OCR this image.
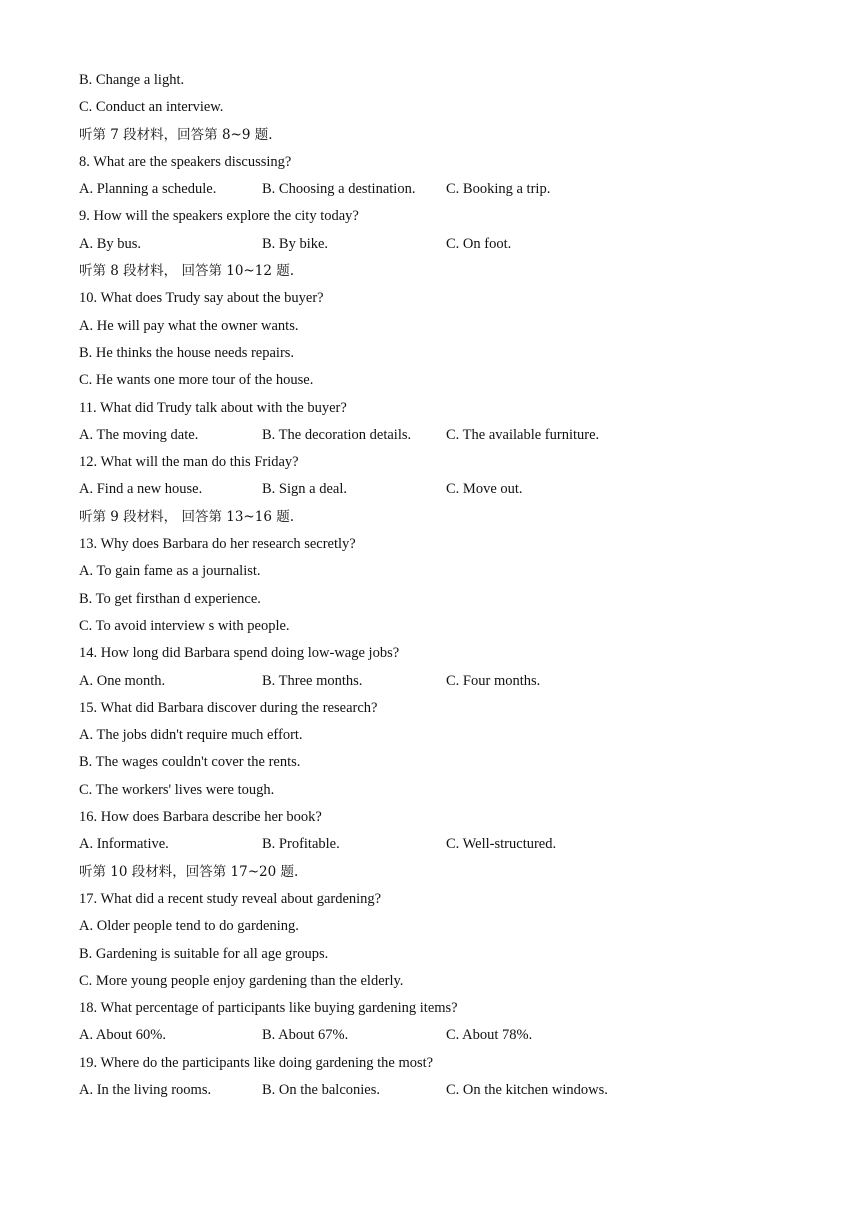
B. Change a light.
C. Conduct an interview.
听第 7 段材料，回答第 8~9 题.
8. What are the speakers discussing?
A. Planning a schedule.	B. Choosing a destination. C. Booking a trip.
9. How will the speakers explore the city today?
A. By bus.	B. By bike.	C. On foot.
听第 8 段材料， 回答第 10~12 题.
10. What does Trudy say about the buyer?
A. He will pay what the owner wants.
B. He thinks the house needs repairs.
C. He wants one more tour of the house.
11. What did Trudy talk about with the buyer?
A. The moving date.	B. The decoration details. C. The available furniture.
12. What will the man do this Friday?
A. Find a new house.	B. Sign a deal.	C. Move out.
听第 9 段材料， 回答第 13~16 题.
13. Why does Barbara do her research secretly?
A. To gain fame as a journalist.
B. To get firsthan d experience.
C. To avoid interview s with people.
14. How long did Barbara spend doing low-wage jobs?
A. One month.	B. Three months.	C. Four months.
15. What did Barbara discover during the research?
A. The jobs didn't require much effort.
B. The wages couldn't cover the rents.
C. The workers' lives were tough.
16. How does Barbara describe her book?
A. Informative.	B. Profitable.	C. Well-structured.
听第 10 段材料，回答第 17~20 题.
17. What did a recent study reveal about gardening?
A. Older people tend to do gardening.
B. Gardening is suitable for all age groups.
C. More young people enjoy gardening than the elderly.
18. What percentage of participants like buying gardening items?
A. About 60%.	B. About 67%.	C. About 78%.
19. Where do the participants like doing gardening the most?
A. In the living rooms.	B. On the balconies.	C. On the kitchen windows.
